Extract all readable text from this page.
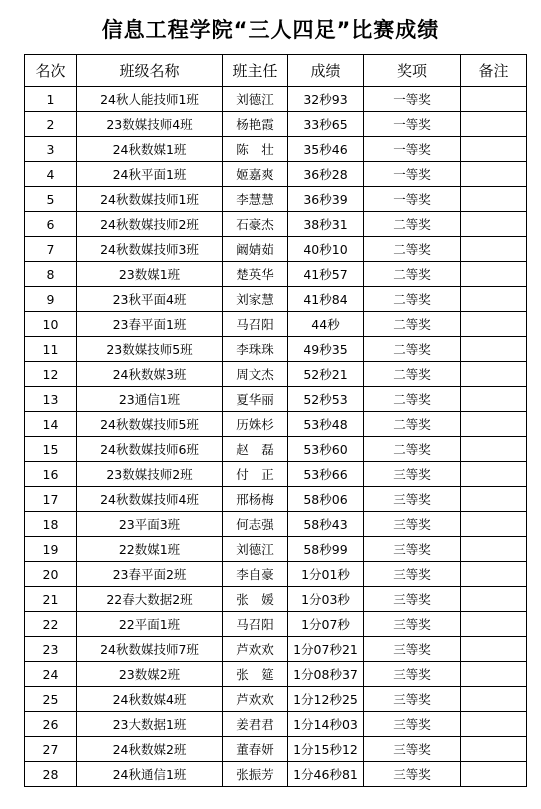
信息工程学院“三人四足”比赛成绩
名次	班级名称	班主任	成绩	奖项	备注
1	24秋人能技师1班	刘德江	32秒93	一等奖	
2	23数媒技师4班	杨艳霞	33秒65	一等奖	
3	24秋数媒1班	陈　壮	35秒46	一等奖	
4	24秋平面1班	姬嘉爽	36秒28	一等奖	
5	24秋数媒技师1班	李慧慧	36秒39	一等奖	
6	24秋数媒技师2班	石豪杰	38秒31	二等奖	
7	24秋数媒技师3班	阚婧茹	40秒10	二等奖	
8	23数媒1班	楚英华	41秒57	二等奖	
9	23秋平面4班	刘家慧	41秒84	二等奖	
10	23春平面1班	马召阳	44秒	二等奖	
11	23数媒技师5班	李珠珠	49秒35	二等奖	
12	24秋数媒3班	周文杰	52秒21	二等奖	
13	23通信1班	夏华丽	52秒53	二等奖	
14	24秋数媒技师5班	历姝杉	53秒48	二等奖	
15	24秋数媒技师6班	赵　磊	53秒60	二等奖	
16	23数媒技师2班	付　正	53秒66	三等奖	
17	24秋数媒技师4班	邢杨梅	58秒06	三等奖	
18	23平面3班	何志强	58秒43	三等奖	
19	22数媒1班	刘德江	58秒99	三等奖	
20	23春平面2班	李自豪	1分01秒	三等奖	
21	22春大数据2班	张　媛	1分03秒	三等奖	
22	22平面1班	马召阳	1分07秒	三等奖	
23	24秋数媒技师7班	芦欢欢	1分07秒21	三等奖	
24	23数媒2班	张　筵	1分08秒37	三等奖	
25	24秋数媒4班	芦欢欢	1分12秒25	三等奖	
26	23大数据1班	姜君君	1分14秒03	三等奖	
27	24秋数媒2班	董春妍	1分15秒12	三等奖	
28	24秋通信1班	张振芳	1分46秒81	三等奖	
